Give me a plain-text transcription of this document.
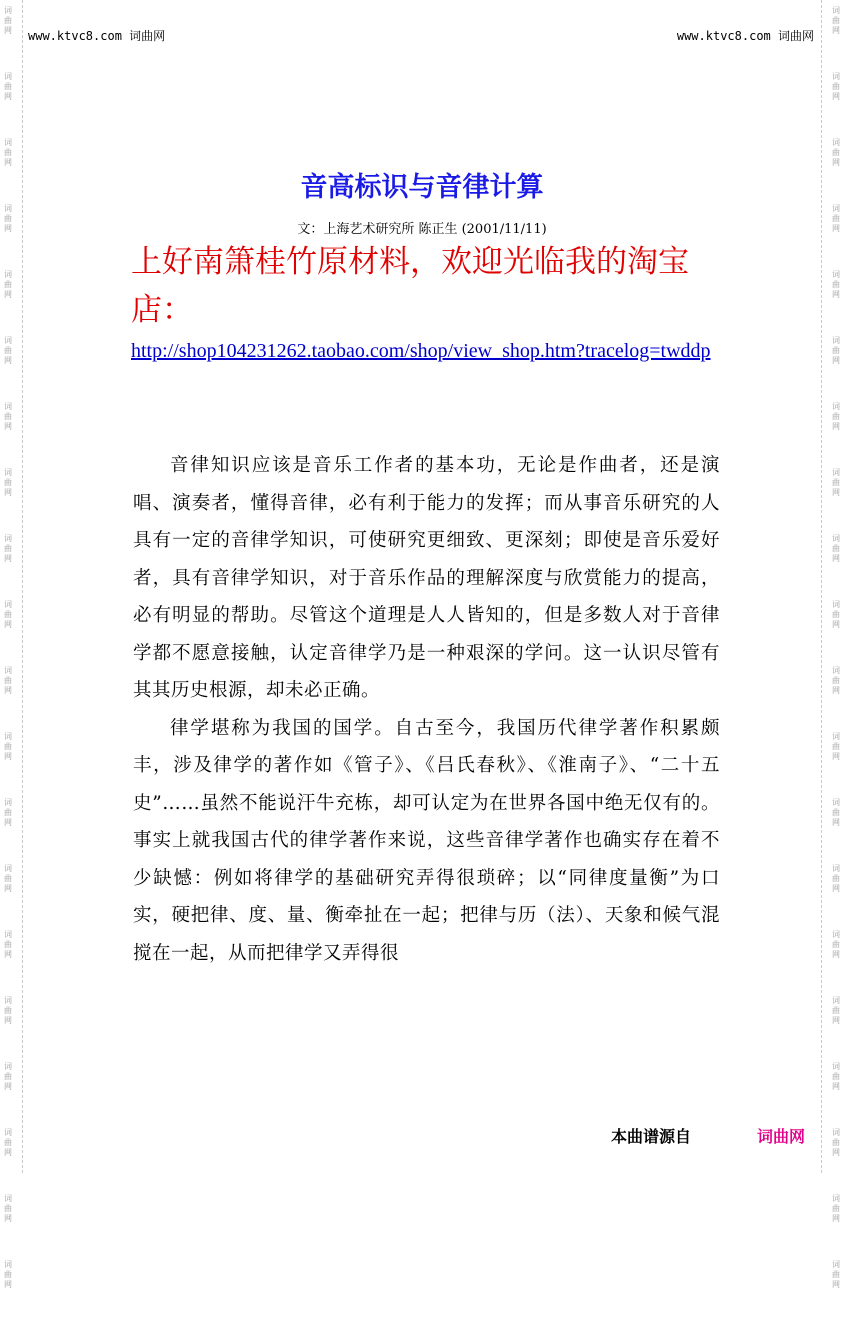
词
曲
网
词
曲
网
词
曲
网
词
曲
网
词
曲
网
词
曲
网
词
曲
网
词
曲
网
词
曲
网
词
曲
网
词
曲
网
词
曲
网
词
曲
网
词
曲
网
词
曲
网
词
曲
网
词
曲
网
词
曲
网
词
曲
网
词
曲
网
词
曲
网
词
曲
网
词
曲
网
词
曲
网
词
曲
网
词
曲
网
词
曲
网
词
曲
网
词
曲
网
词
曲
网
词
曲
网
词
曲
网
词
曲
网
词
曲
网
词
曲
网
词
曲
网
词
曲
网
词
曲
网
词
曲
网
词
曲
网
www.ktvc8.com 词曲网	www.ktvc8.com 词曲网
音高标识与音律计算
文：上海艺术研究所 陈正生 (2001/11/11)
上好南箫桂竹原材料，欢迎光临我的淘宝店：
http://shop104231262.taobao.com/shop/view_shop.htm?tracelog=twddp

音律知识应该是音乐工作者的基本功，无论是作曲者，还是演唱、演奏者，懂得音律，必有利于能力的发挥；而从事音乐研究的人具有一定的音律学知识，可使研究更细致、更深刻；即使是音乐爱好者，具有音律学知识，对于音乐作品的理解深度与欣赏能力的提高，必有明显的帮助。尽管这个道理是人人皆知的，但是多数人对于音律学都不愿意接触，认定音律学乃是一种艰深的学问。这一认识尽管有其其历史根源，却未必正确。

律学堪称为我国的国学。自古至今，我国历代律学著作积累颇丰，涉及律学的著作如《管子》、《吕氏春秋》、《淮南子》、“二十五史”……虽然不能说汗牛充栋，却可认定为在世界各国中绝无仅有的。事实上就我国古代的律学著作来说，这些音律学著作也确实存在着不少缺憾：例如将律学的基础研究弄得很琐碎；以“同律度量衡”为口实，硬把律、度、量、衡牵扯在一起；把律与历（法）、天象和候气混搅在一起，从而把律学又弄得很

本曲谱源自	词曲网
